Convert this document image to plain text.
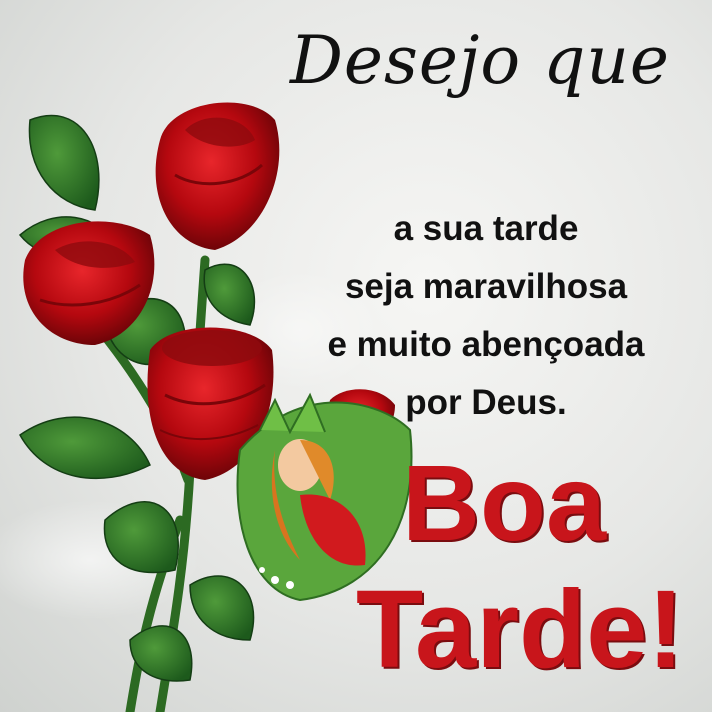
Desejo que
a sua tarde
seja maravilhosa
e muito abençoada
por Deus.
Boa
Tarde!
